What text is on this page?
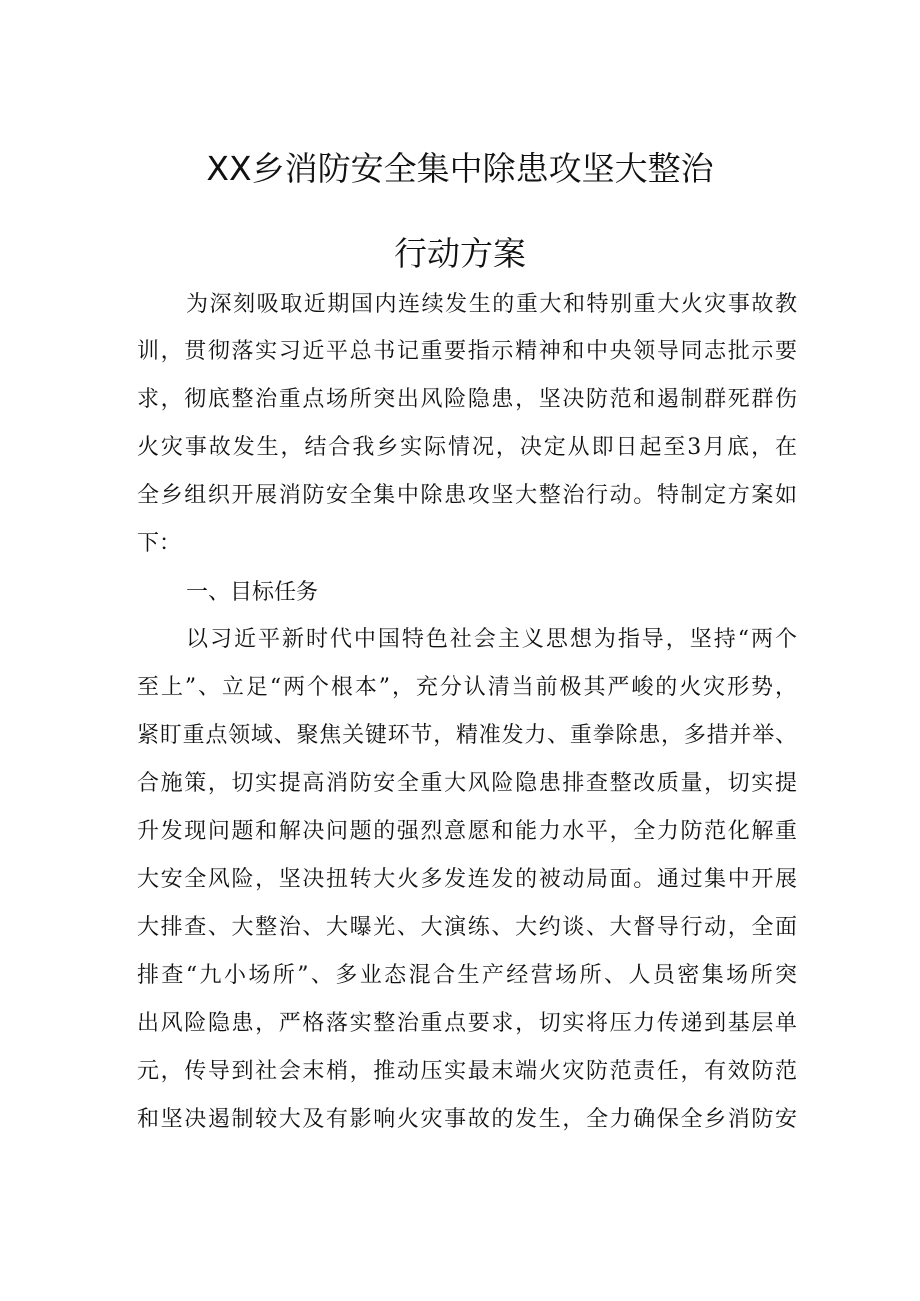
XX乡消防安全集中除患攻坚大整治
行动方案
为深刻吸取近期国内连续发生的重大和特别重大火灾事故教
训，贯彻落实习近平总书记重要指示精神和中央领导同志批示要
求，彻底整治重点场所突出风险隐患，坚决防范和遏制群死群伤
火灾事故发生，结合我乡实际情况，决定从即日起至3月底，在
全乡组织开展消防安全集中除患攻坚大整治行动。特制定方案如
下：
一、目标任务
以习近平新时代中国特色社会主义思想为指导，坚持“两个
至上”、立足“两个根本”，充分认清当前极其严峻的火灾形势，
紧盯重点领域、聚焦关键环节，精准发力、重拳除患，多措并举、
合施策，切实提高消防安全重大风险隐患排查整改质量，切实提
升发现问题和解决问题的强烈意愿和能力水平，全力防范化解重
大安全风险，坚决扭转大火多发连发的被动局面。通过集中开展
大排查、大整治、大曝光、大演练、大约谈、大督导行动，全面
排查“九小场所”、多业态混合生产经营场所、人员密集场所突
出风险隐患，严格落实整治重点要求，切实将压力传递到基层单
元，传导到社会末梢，推动压实最末端火灾防范责任，有效防范
和坚决遏制较大及有影响火灾事故的发生，全力确保全乡消防安
